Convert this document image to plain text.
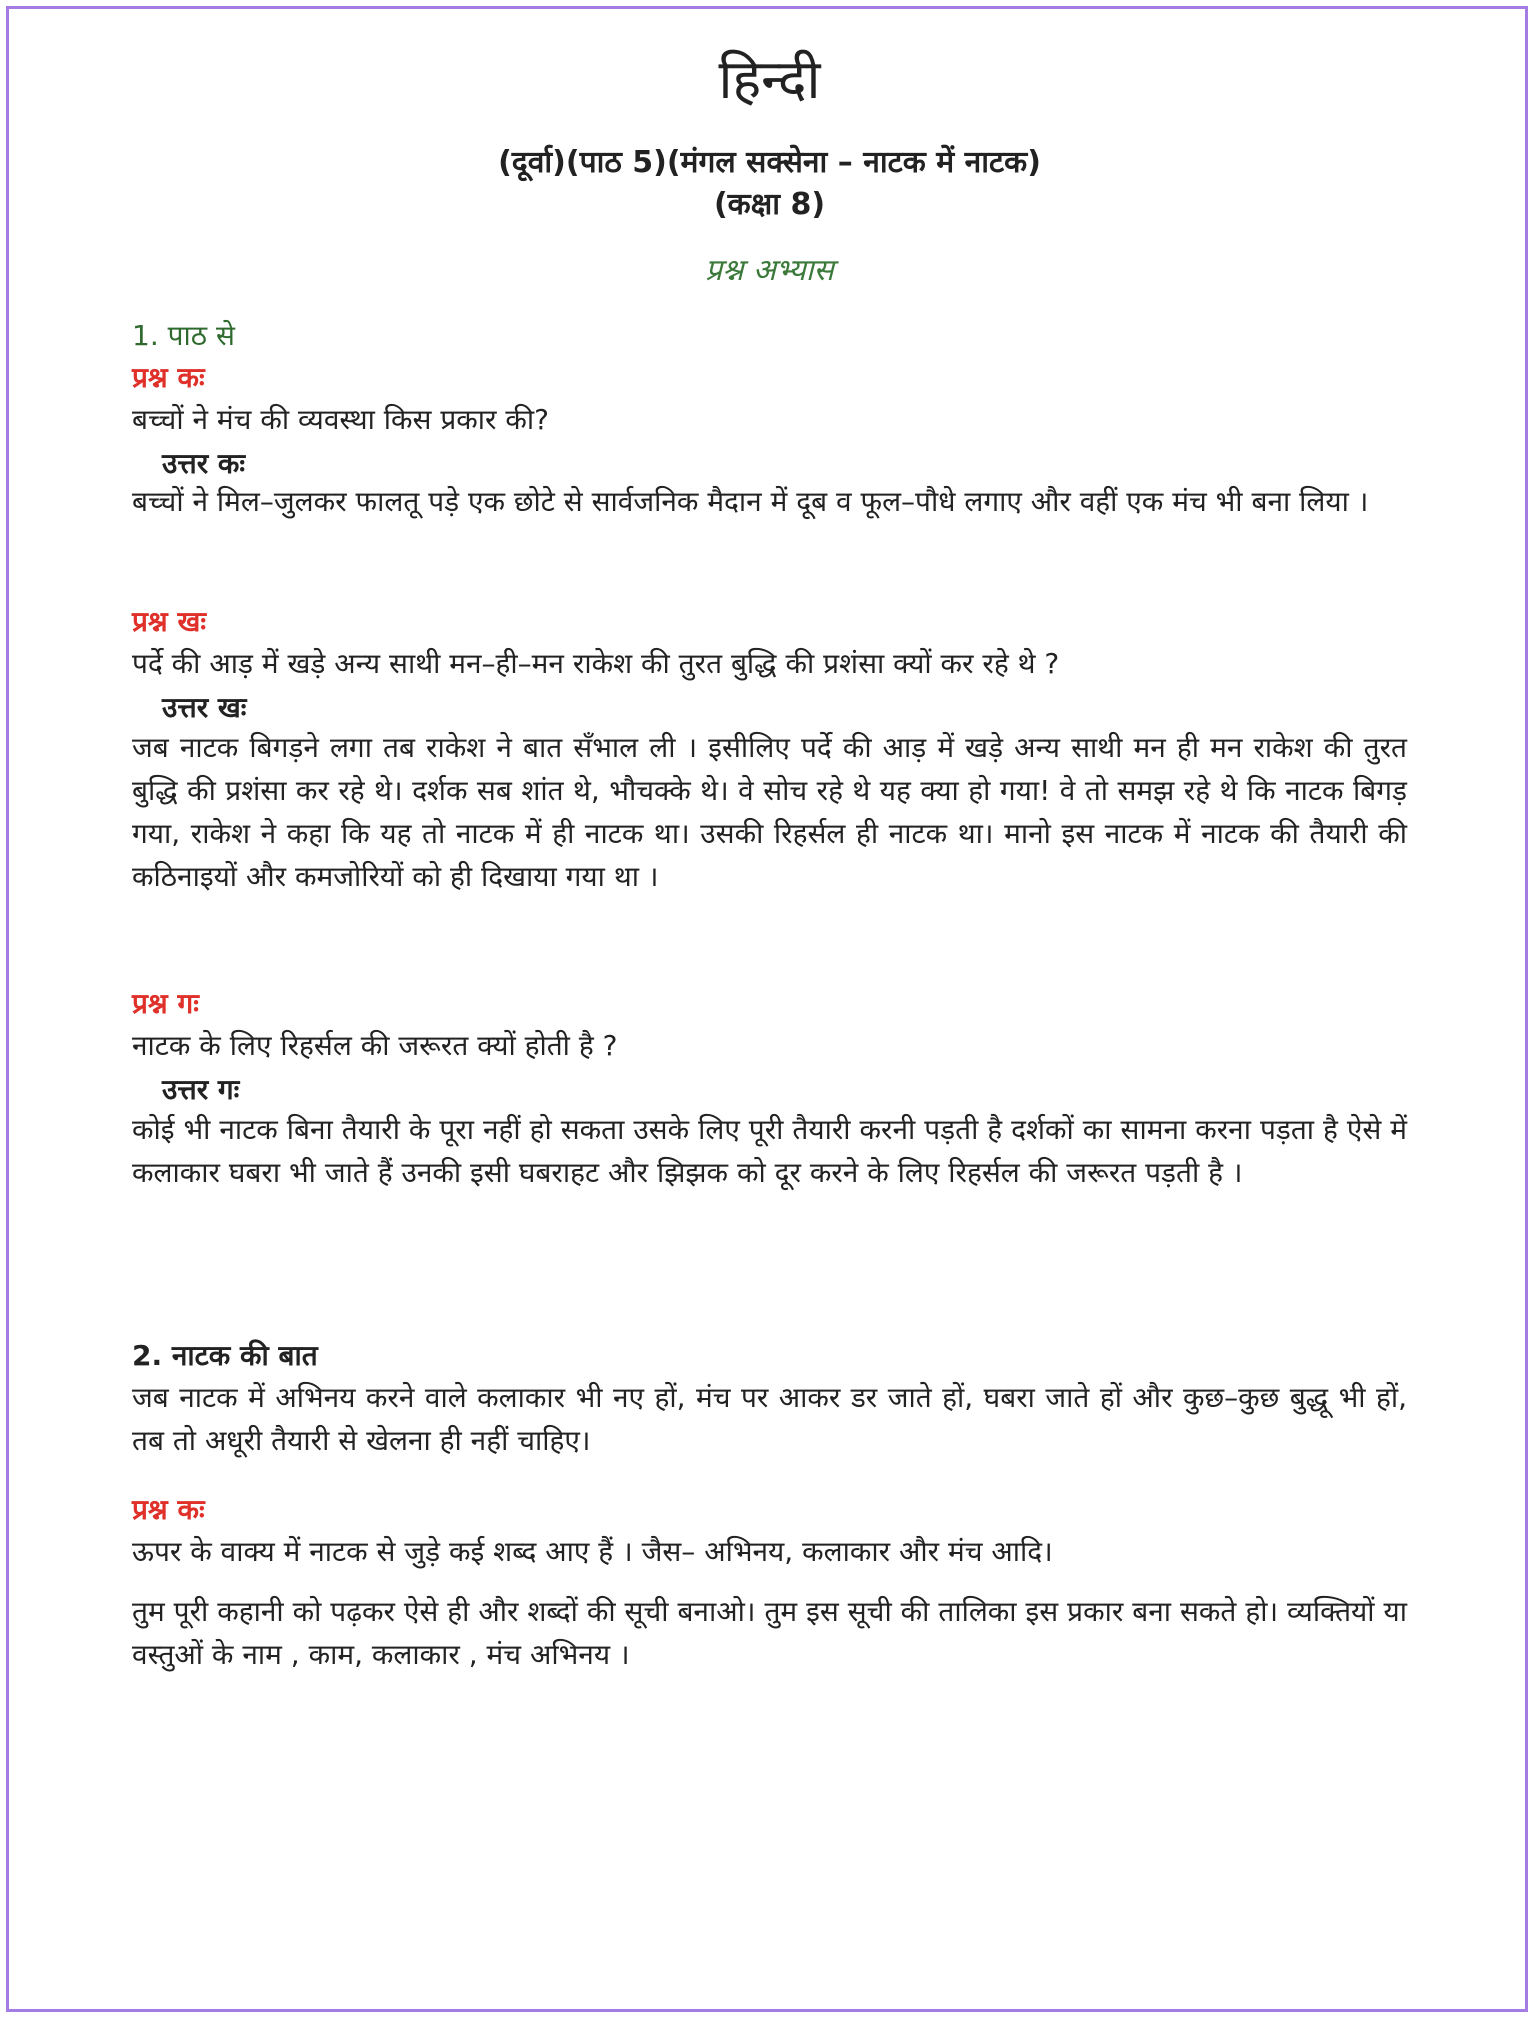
हिन्दी
(दूर्वा)(पाठ 5)(मंगल सक्सेना – नाटक में नाटक)
(कक्षा 8)
प्रश्न अभ्यास
1. पाठ से
प्रश्न कः

बच्चों ने मंच की व्यवस्था किस प्रकार की?

उत्तर कः

बच्चों ने मिल–जुलकर फालतू पड़े एक छोटे से सार्वजनिक मैदान में दूब व फूल–पौधे लगाए और वहीं एक मंच भी बना लिया ।

प्रश्न खः

पर्दे की आड़ में खड़े अन्य साथी मन–ही–मन राकेश की तुरत बुद्धि की प्रशंसा क्यों कर रहे थे ?

उत्तर खः

जब नाटक बिगड़ने लगा तब राकेश ने बात सँभाल ली । इसीलिए पर्दे की आड़ में खड़े अन्य साथी मन ही मन राकेश की तुरत बुद्धि की प्रशंसा कर रहे थे। दर्शक सब शांत थे, भौचक्के थे। वे सोच रहे थे यह क्या हो गया! वे तो समझ रहे थे कि नाटक बिगड़ गया, राकेश ने कहा कि यह तो नाटक में ही नाटक था। उसकी रिहर्सल ही नाटक था। मानो इस नाटक में नाटक की तैयारी की कठिनाइयों और कमजोरियों को ही दिखाया गया था ।

प्रश्न गः

नाटक के लिए रिहर्सल की जरूरत क्यों होती है ?

उत्तर गः

कोई भी नाटक बिना तैयारी के पूरा नहीं हो सकता उसके लिए पूरी तैयारी करनी पड़ती है दर्शकों का सामना करना पड़ता है ऐसे में कलाकार घबरा भी जाते हैं उनकी इसी घबराहट और झिझक को दूर करने के लिए रिहर्सल की जरूरत पड़ती है ।

2. नाटक की बात

जब नाटक में अभिनय करने वाले कलाकार भी नए हों, मंच पर आकर डर जाते हों, घबरा जाते हों और कुछ–कुछ बुद्धू भी हों, तब तो अधूरी तैयारी से खेलना ही नहीं चाहिए।

प्रश्न कः

ऊपर के वाक्य में नाटक से जुड़े कई शब्द आए हैं । जैस– अभिनय, कलाकार और मंच आदि।

तुम पूरी कहानी को पढ़कर ऐसे ही और शब्दों की सूची बनाओ। तुम इस सूची की तालिका इस प्रकार बना सकते हो। व्यक्तियों या वस्तुओं के नाम , काम, कलाकार , मंच अभिनय ।
